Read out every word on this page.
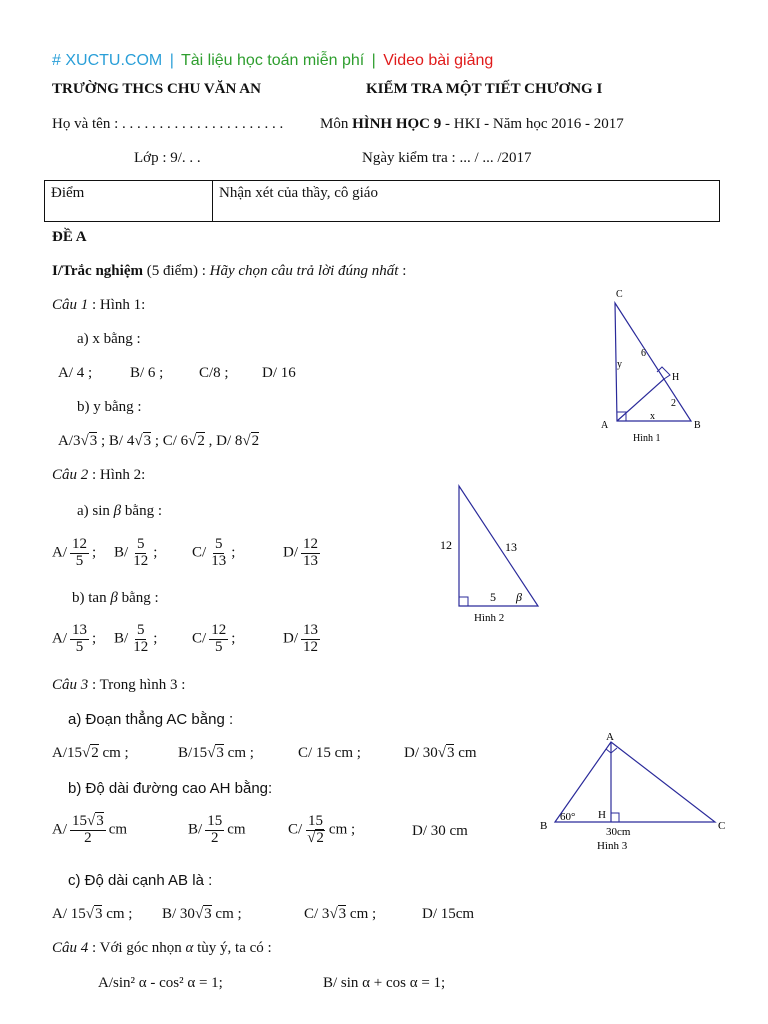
# XUCTU.COM | Tài liệu học toán miễn phí | Video bài giảng
TRƯỜNG THCS CHU VĂN AN	KIỂM TRA MỘT TIẾT CHƯƠNG I
Họ và tên : . . . . . . . . . . . . . . . . . . . . . . Môn HÌNH HỌC 9 - HKI - Năm học 2016 - 2017
Lớp : 9/. . .	Ngày kiểm tra : ... / ... /2017
Điểm	Nhận xét của thầy, cô giáo
ĐỀ A
I/Trắc nghiệm (5 điểm) : Hãy chọn câu trả lời đúng nhất :
Câu 1 : Hình 1:
a) x bằng :
A/ 4 ;	B/ 6 ; C/8 ; D/ 16
b) y bằng :
A/3√3 ; B/ 4√3 ; C/ 6√2 , D/ 8√2
C
A	B
H
y
6
2
x
Hình 1
Câu 2 : Hình 2:
a) sin β bằng :
$A/ \frac{12}{5}$ ; $B/ \frac{5}{12}$ ; $C/ \frac{5}{13}$ ;	$D/ \frac{12}{13}$
b) tan β bằng :
$A/ \frac{13}{5}$ ; $B/ \frac{5}{12}$ ; $C/ \frac{12}{5}$ ;	$D/ \frac{13}{12}$
12	13
5 β
Hình 2
Câu 3 : Trong hình 3 :
a) Đoạn thẳng AC bằng :
A/15√2 cm ;	B/15√3 cm ;	C/ 15 cm ;	D/ 30√3 cm
b) Độ dài đường cao AH bằng:
$A/ \frac{15√3}{2}$ cm	$B/ \frac{15}{2}$ cm	$C/ \frac{15}{√2}$ cm ;	D/ 30 cm
c) Độ dài cạnh AB là :
A/ 15√3 cm ; B/ 30√3 cm ;	C/ 3√3 cm ;	D/ 15cm
A
B	C
H
60°
30cm
Hình 3
Câu 4 : Với góc nhọn α tùy ý, ta có :
A/sin² α - cos² α = 1;	B/ sin α + cos α = 1;
